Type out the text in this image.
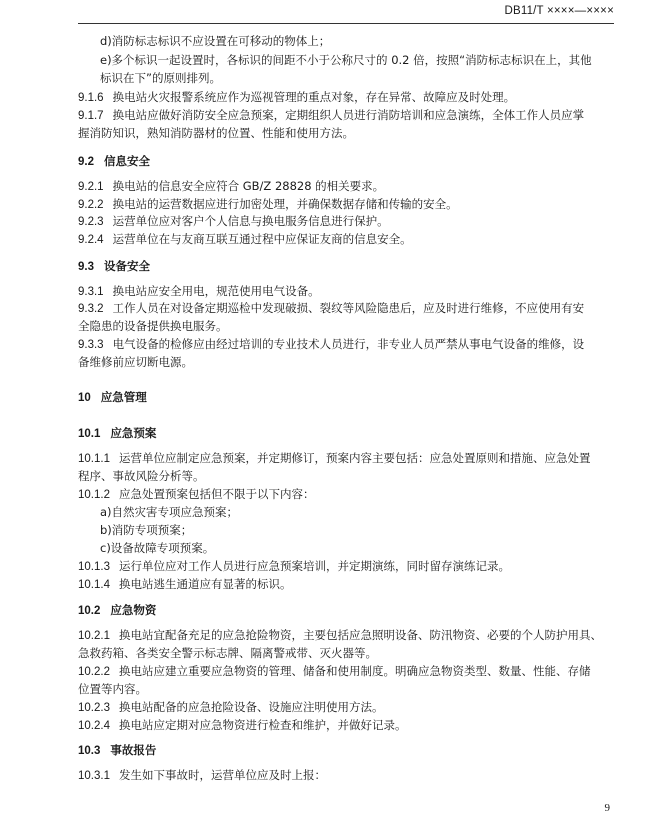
DB11/T ××××—××××
d)消防标志标识不应设置在可移动的物体上；
e)多个标识一起设置时，各标识的间距不小于公称尺寸的 0.2 倍，按照“消防标志标识在上，其他
标识在下”的原则排列。
9.1.6 换电站火灾报警系统应作为巡视管理的重点对象，存在异常、故障应及时处理。
9.1.7 换电站应做好消防安全应急预案，定期组织人员进行消防培训和应急演练，全体工作人员应掌
握消防知识，熟知消防器材的位置、性能和使用方法。
9.2 信息安全
9.2.1 换电站的信息安全应符合 GB/Z 28828 的相关要求。
9.2.2 换电站的运营数据应进行加密处理，并确保数据存储和传输的安全。
9.2.3 运营单位应对客户个人信息与换电服务信息进行保护。
9.2.4 运营单位在与友商互联互通过程中应保证友商的信息安全。
9.3 设备安全
9.3.1 换电站应安全用电，规范使用电气设备。
9.3.2 工作人员在对设备定期巡检中发现破损、裂纹等风险隐患后，应及时进行维修，不应使用有安
全隐患的设备提供换电服务。
9.3.3 电气设备的检修应由经过培训的专业技术人员进行，非专业人员严禁从事电气设备的维修，设
备维修前应切断电源。
10 应急管理
10.1 应急预案
10.1.1 运营单位应制定应急预案，并定期修订，预案内容主要包括：应急处置原则和措施、应急处置
程序、事故风险分析等。
10.1.2 应急处置预案包括但不限于以下内容：
a)自然灾害专项应急预案；
b)消防专项预案；
c)设备故障专项预案。
10.1.3 运行单位应对工作人员进行应急预案培训，并定期演练，同时留存演练记录。
10.1.4 换电站逃生通道应有显著的标识。
10.2 应急物资
10.2.1 换电站宜配备充足的应急抢险物资，主要包括应急照明设备、防汛物资、必要的个人防护用具、
急救药箱、各类安全警示标志牌、隔离警戒带、灭火器等。
10.2.2 换电站应建立重要应急物资的管理、储备和使用制度。明确应急物资类型、数量、性能、存储
位置等内容。
10.2.3 换电站配备的应急抢险设备、设施应注明使用方法。
10.2.4 换电站应定期对应急物资进行检查和维护，并做好记录。
10.3 事故报告
10.3.1 发生如下事故时，运营单位应及时上报：
9
